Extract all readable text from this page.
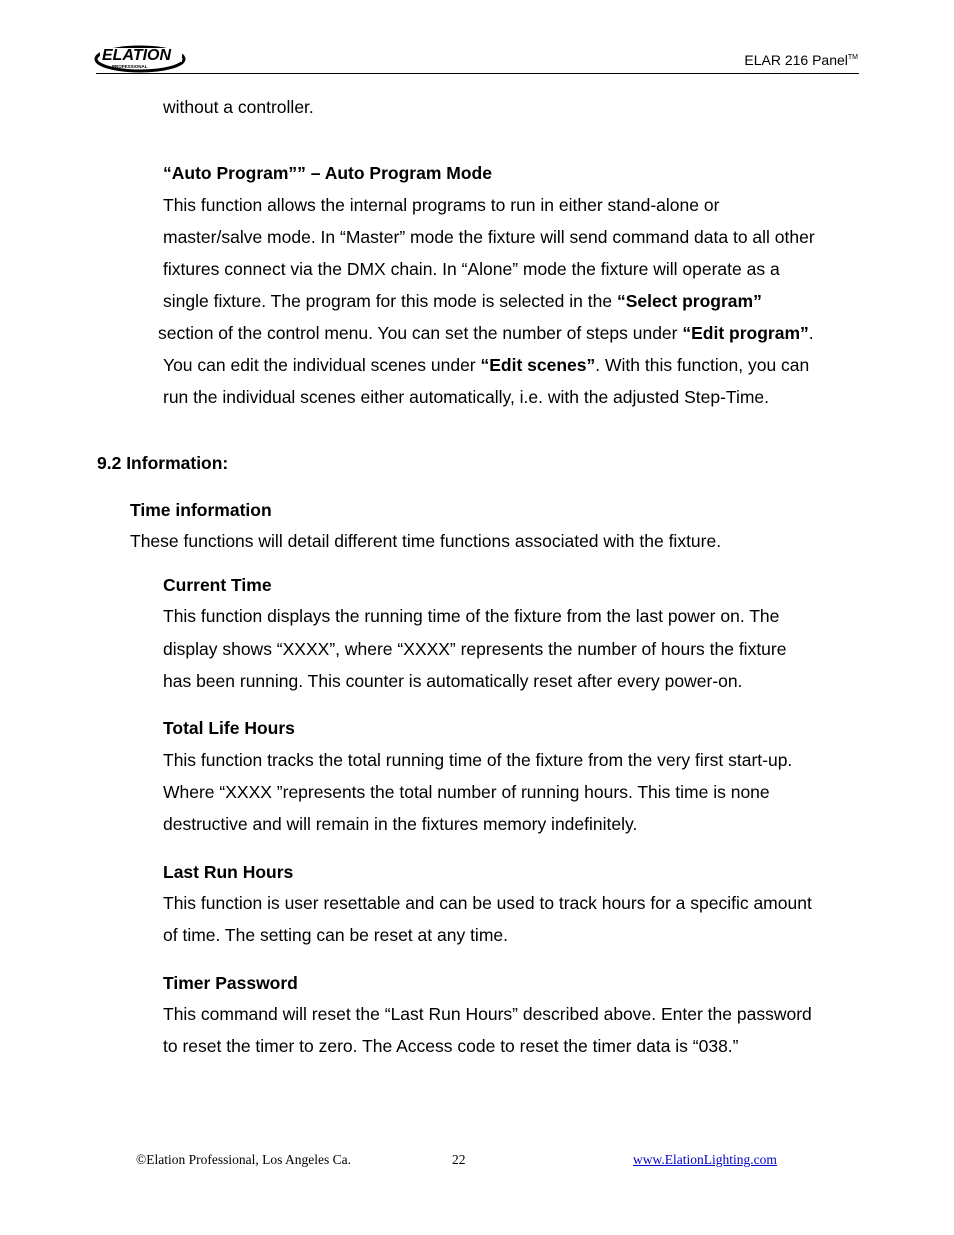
ELATION
PROFESSIONAL	ELAR 216 Panel™
without a controller.
“Auto Program”” – Auto Program Mode
This function allows the internal programs to run in either stand-alone or
master/salve mode. In “Master” mode the fixture will send command data to all other
fixtures connect via the DMX chain. In “Alone” mode the fixture will operate as a
single fixture. The program for this mode is selected in the “Select program”
section of the control menu. You can set the number of steps under “Edit program”.
You can edit the individual scenes under “Edit scenes”. With this function, you can
run the individual scenes either automatically, i.e. with the adjusted Step-Time.
9.2 Information:
Time information
These functions will detail different time functions associated with the fixture.
Current Time
This function displays the running time of the fixture from the last power on. The
display shows “XXXX”, where “XXXX” represents the number of hours the fixture
has been running. This counter is automatically reset after every power-on.
Total Life Hours
This function tracks the total running time of the fixture from the very first start-up.
Where “XXXX ”represents the total number of running hours. This time is none
destructive and will remain in the fixtures memory indefinitely.
Last Run Hours
This function is user resettable and can be used to track hours for a specific amount
of time. The setting can be reset at any time.
Timer Password
This command will reset the “Last Run Hours” described above. Enter the password
to reset the timer to zero. The Access code to reset the timer data is “038.”
©Elation Professional, Los Angeles Ca.	22	www.ElationLighting.com
